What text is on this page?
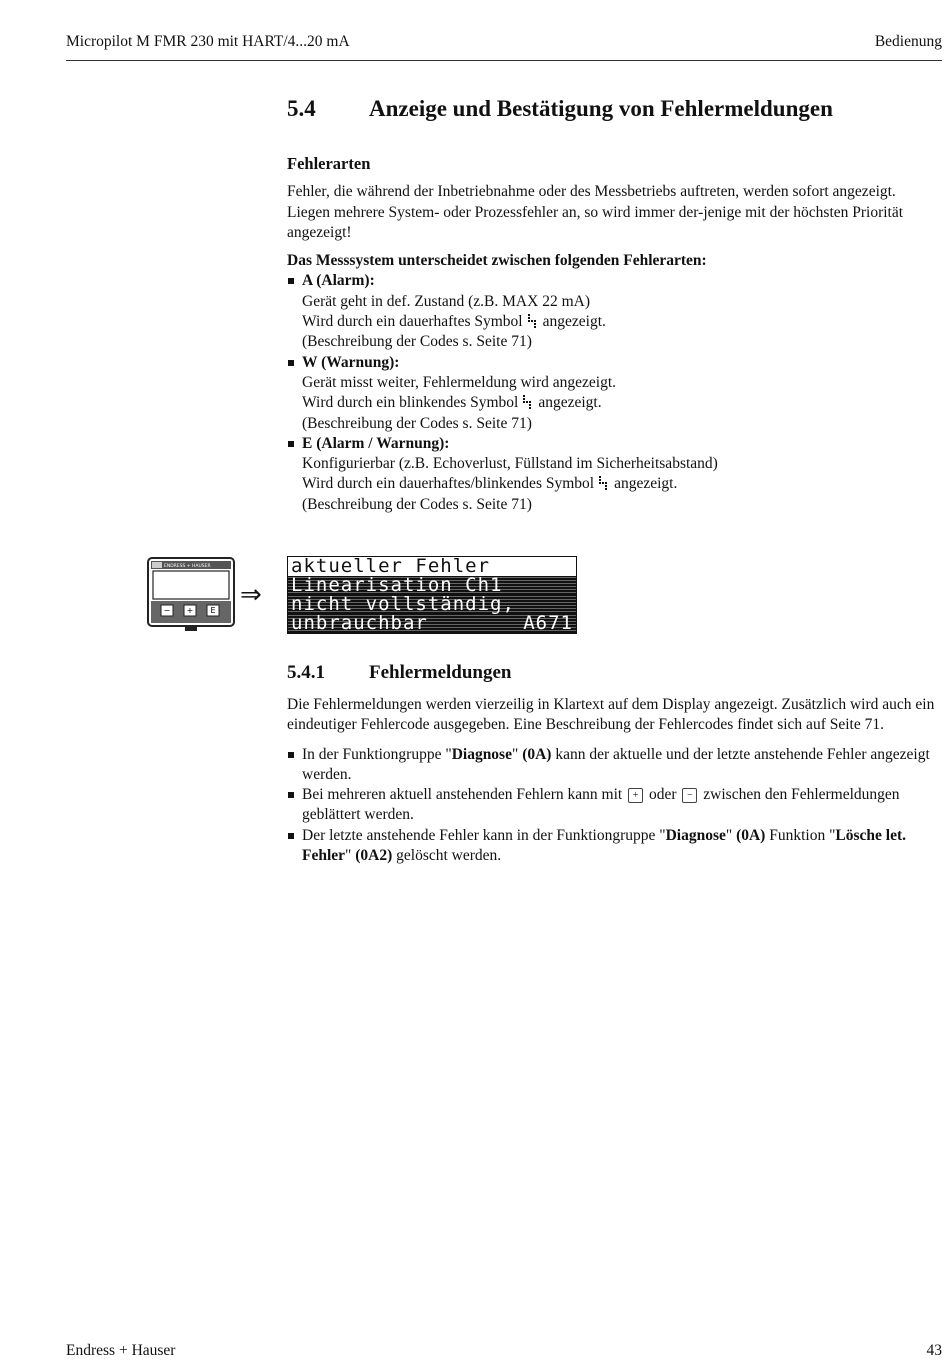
Micropilot M FMR 230 mit HART/4...20 mA	Bedienung
5.4 Anzeige und Bestätigung von Fehlermeldungen
Fehlerarten

Fehler, die während der Inbetriebnahme oder des Messbetriebs auftreten, werden sofort angezeigt. Liegen mehrere System- oder Prozessfehler an, so wird immer der-jenige mit der höchsten Priorität angezeigt!

Das Messsystem unterscheidet zwischen folgenden Fehlerarten:

A (Alarm):
Gerät geht in def. Zustand (z.B. MAX 22 mA)
Wird durch ein dauerhaftes Symbol angezeigt.
(Beschreibung der Codes s. Seite 71)
W (Warnung):
Gerät misst weiter, Fehlermeldung wird angezeigt.
Wird durch ein blinkendes Symbol angezeigt.
(Beschreibung der Codes s. Seite 71)
E (Alarm / Warnung):
Konfigurierbar (z.B. Echoverlust, Füllstand im Sicherheitsabstand)
Wird durch ein dauerhaftes/blinkendes Symbol angezeigt.
(Beschreibung der Codes s. Seite 71)
ENDRESS + HAUSER
− + E
⇒
aktueller Fehler
Linearisation Ch1
nicht vollständig,
unbrauchbar	A671
5.4.1 Fehlermeldungen

Die Fehlermeldungen werden vierzeilig in Klartext auf dem Display angezeigt. Zusätzlich wird auch ein eindeutiger Fehlercode ausgegeben. Eine Beschreibung der Fehlercodes findet sich auf Seite 71.

In der Funktiongruppe "Diagnose" (0A) kann der aktuelle und der letzte anstehende Fehler angezeigt werden.
Bei mehreren aktuell anstehenden Fehlern kann mit + oder − zwischen den Fehlermeldungen geblättert werden.
Der letzte anstehende Fehler kann in der Funktiongruppe "Diagnose" (0A) Funktion "Lösche let. Fehler" (0A2) gelöscht werden.
Endress + Hauser	43
